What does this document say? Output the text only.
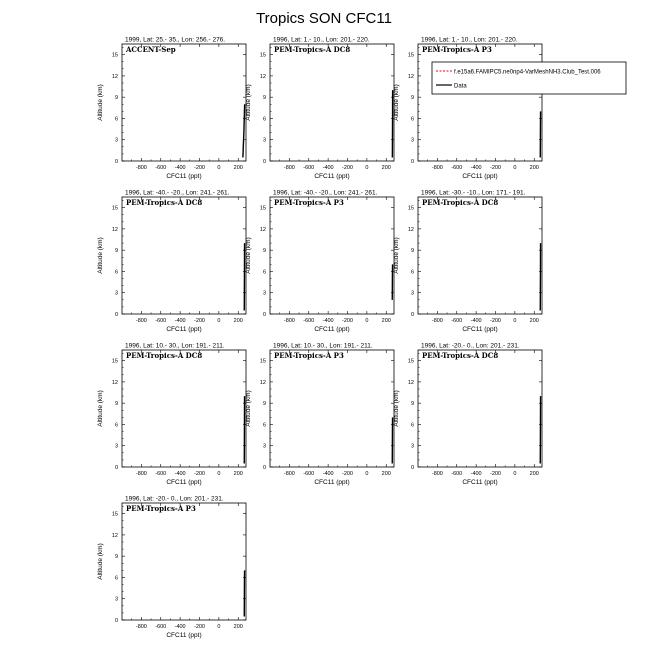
Tropics SON CFC11
1999, Lat: 25.- 35., Lon: 256.- 276.
ACCENT-Sep
-800 -600 -400 -200 0 200
0
3
6
9
12
15
CFC11 (ppt)
Altitude (km)
1996, Lat: 1.- 10., Lon: 201.- 220.
PEM-Tropics-A DC8
-800 -600 -400 -200 0 200
0
3
6
9
12
15
CFC11 (ppt)
Altitude (km)
1996, Lat: 1.- 10., Lon: 201.- 220.
PEM-Tropics-A P3
-800 -600 -400 -200 0 200
0
3
6
9
12
15
CFC11 (ppt)
Altitude (km)
1996, Lat: -40.- -20., Lon: 241.- 261.
PEM-Tropics-A DC8
-800 -600 -400 -200 0 200
0
3
6
9
12
15
CFC11 (ppt)
Altitude (km)
1996, Lat: -40.- -20., Lon: 241.- 261.
PEM-Tropics-A P3
-800 -600 -400 -200 0 200
0
3
6
9
12
15
CFC11 (ppt)
Altitude (km)
1996, Lat: -30.- -10., Lon: 171.- 191.
PEM-Tropics-A DC8
-800 -600 -400 -200 0 200
0
3
6
9
12
15
CFC11 (ppt)
Altitude (km)
1996, Lat: 10.- 30., Lon: 191.- 211.
PEM-Tropics-A DC8
-800 -600 -400 -200 0 200
0
3
6
9
12
15
CFC11 (ppt)
Altitude (km)
1996, Lat: 10.- 30., Lon: 191.- 211.
PEM-Tropics-A P3
-800 -600 -400 -200 0 200
0
3
6
9
12
15
CFC11 (ppt)
Altitude (km)
1996, Lat: -20.- 0., Lon: 201.- 231.
PEM-Tropics-A DC8
-800 -600 -400 -200 0 200
0
3
6
9
12
15
CFC11 (ppt)
Altitude (km)
1996, Lat: -20.- 0., Lon: 201.- 231.
PEM-Tropics-A P3
-800 -600 -400 -200 0 200
0
3
6
9
12
15
CFC11 (ppt)
Altitude (km)
f.e15a6.FAMIPC5.ne0np4-VarMeshNH3.Club_Test.006
Data
